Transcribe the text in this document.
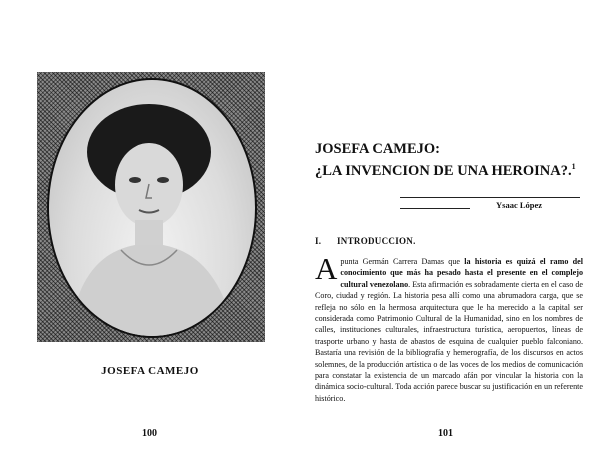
JOSEFA CAMEJO
100
JOSEFA CAMEJO:
¿LA INVENCION DE UNA HEROINA?.$^1$
Ysaac López
I. INTRODUCCION.
Apunta Germán Carrera Damas que la historia es quizá el ramo del conocimiento que más ha pesado hasta el presente en el complejo cultural venezolano. Esta afirmación es sobradamente cierta en el caso de Coro, ciudad y región. La historia pesa allí como una abrumadora carga, que se refleja no sólo en la hermosa arquitectura que le ha merecido a la capital ser considerada como Patrimonio Cultural de la Humanidad, sino en los nombres de calles, instituciones culturales, infraestructura turística, aeropuertos, líneas de trasporte urbano y hasta de abastos de esquina de cualquier pueblo falconiano. Bastaría una revisión de la bibliografía y hemerografía, de los discursos en actos solemnes, de la producción artística o de las voces de los medios de comunicación para constatar la existencia de un marcado afán por vincular la historia con la dinámica socio-cultural. Toda acción parece buscar su justificación en un referente histórico.
101
